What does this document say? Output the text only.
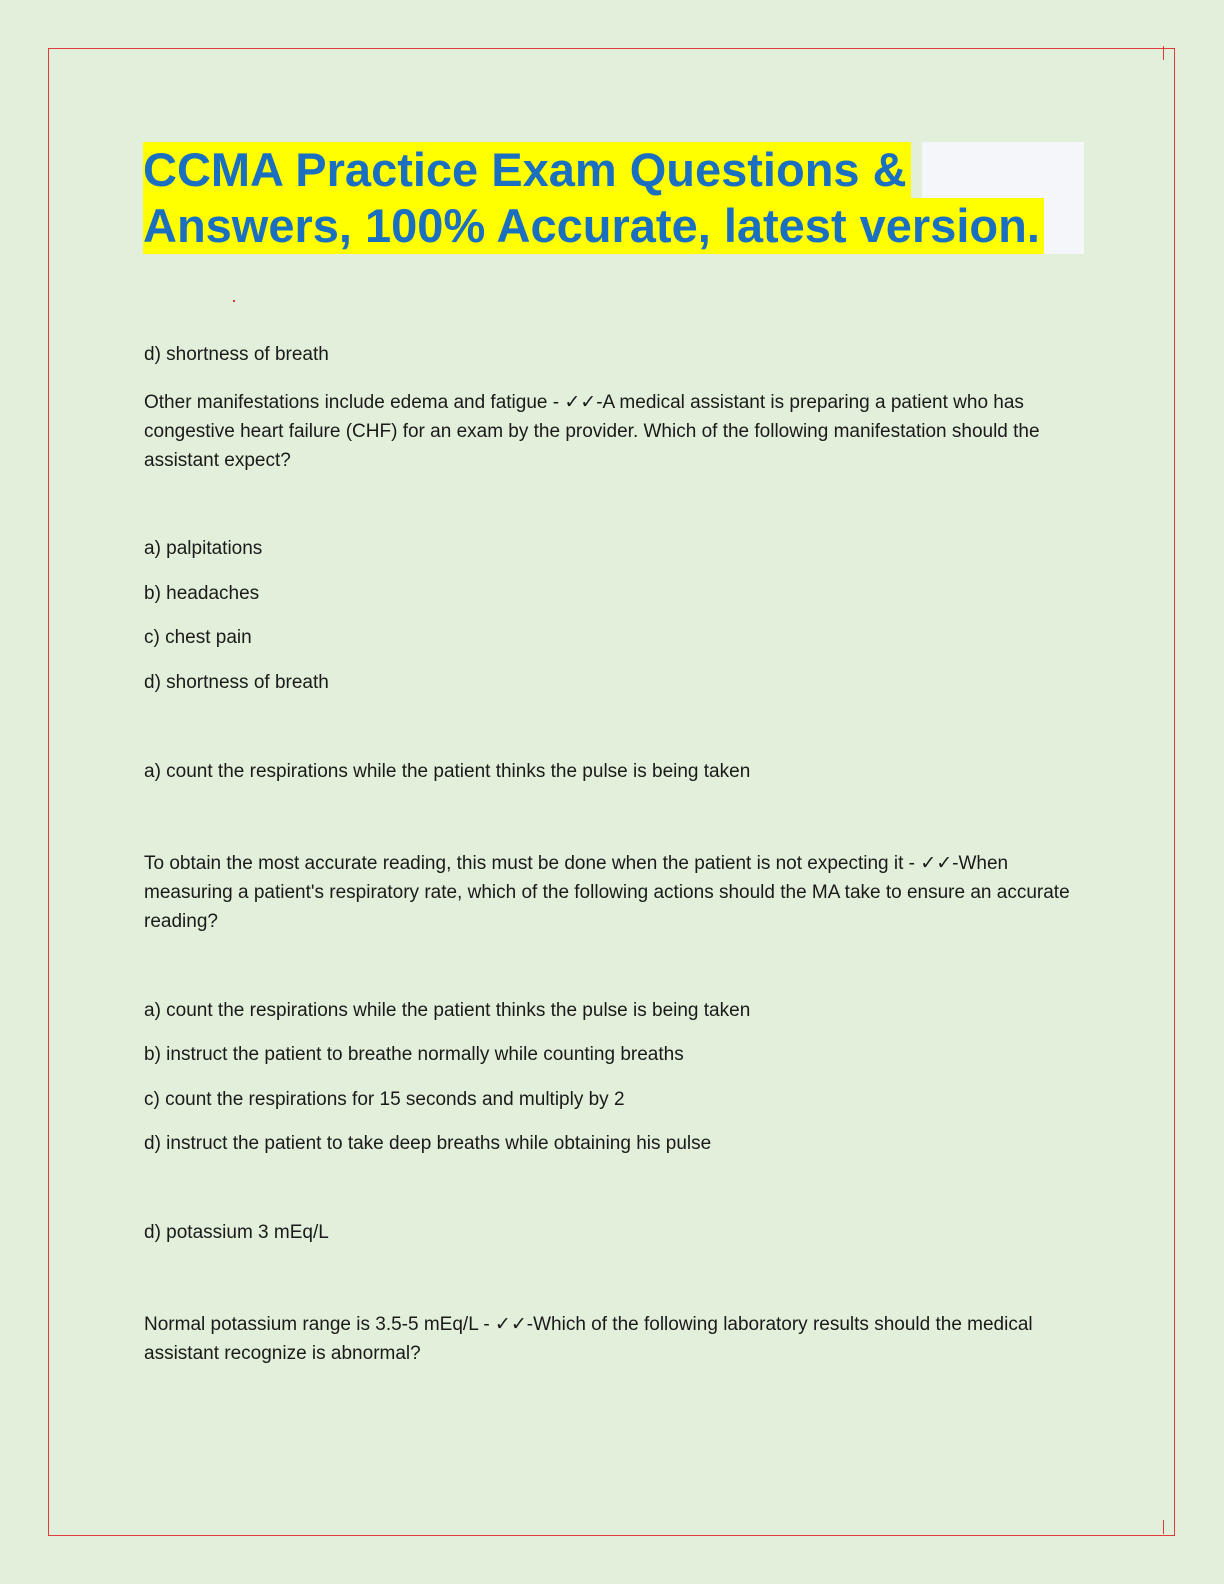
CCMA Practice Exam Questions &
Answers, 100% Accurate, latest version.

d) shortness of breath

Other manifestations include edema and fatigue - ✓✓-A medical assistant is preparing a patient who has congestive heart failure (CHF) for an exam by the provider. Which of the following manifestation should the assistant expect?

a) palpitations

b) headaches

c) chest pain

d) shortness of breath

a) count the respirations while the patient thinks the pulse is being taken

To obtain the most accurate reading, this must be done when the patient is not expecting it - ✓✓-When measuring a patient's respiratory rate, which of the following actions should the MA take to ensure an accurate reading?

a) count the respirations while the patient thinks the pulse is being taken

b) instruct the patient to breathe normally while counting breaths

c) count the respirations for 15 seconds and multiply by 2

d) instruct the patient to take deep breaths while obtaining his pulse

d) potassium 3 mEq/L

Normal potassium range is 3.5-5 mEq/L - ✓✓-Which of the following laboratory results should the medical assistant recognize is abnormal?
